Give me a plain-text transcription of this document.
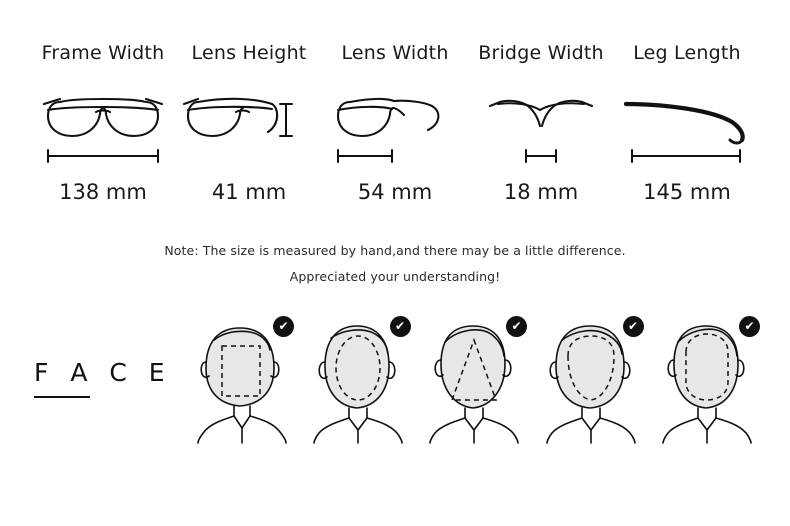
Frame Width
138 mm
Lens Height
41 mm
Lens Width
54 mm
Bridge Width
18 mm
Leg Length
145 mm
Note: The size is measured by hand,and there may be a little difference.
Appreciated your understanding!
F A C E
✔	✔	✔	✔	✔
